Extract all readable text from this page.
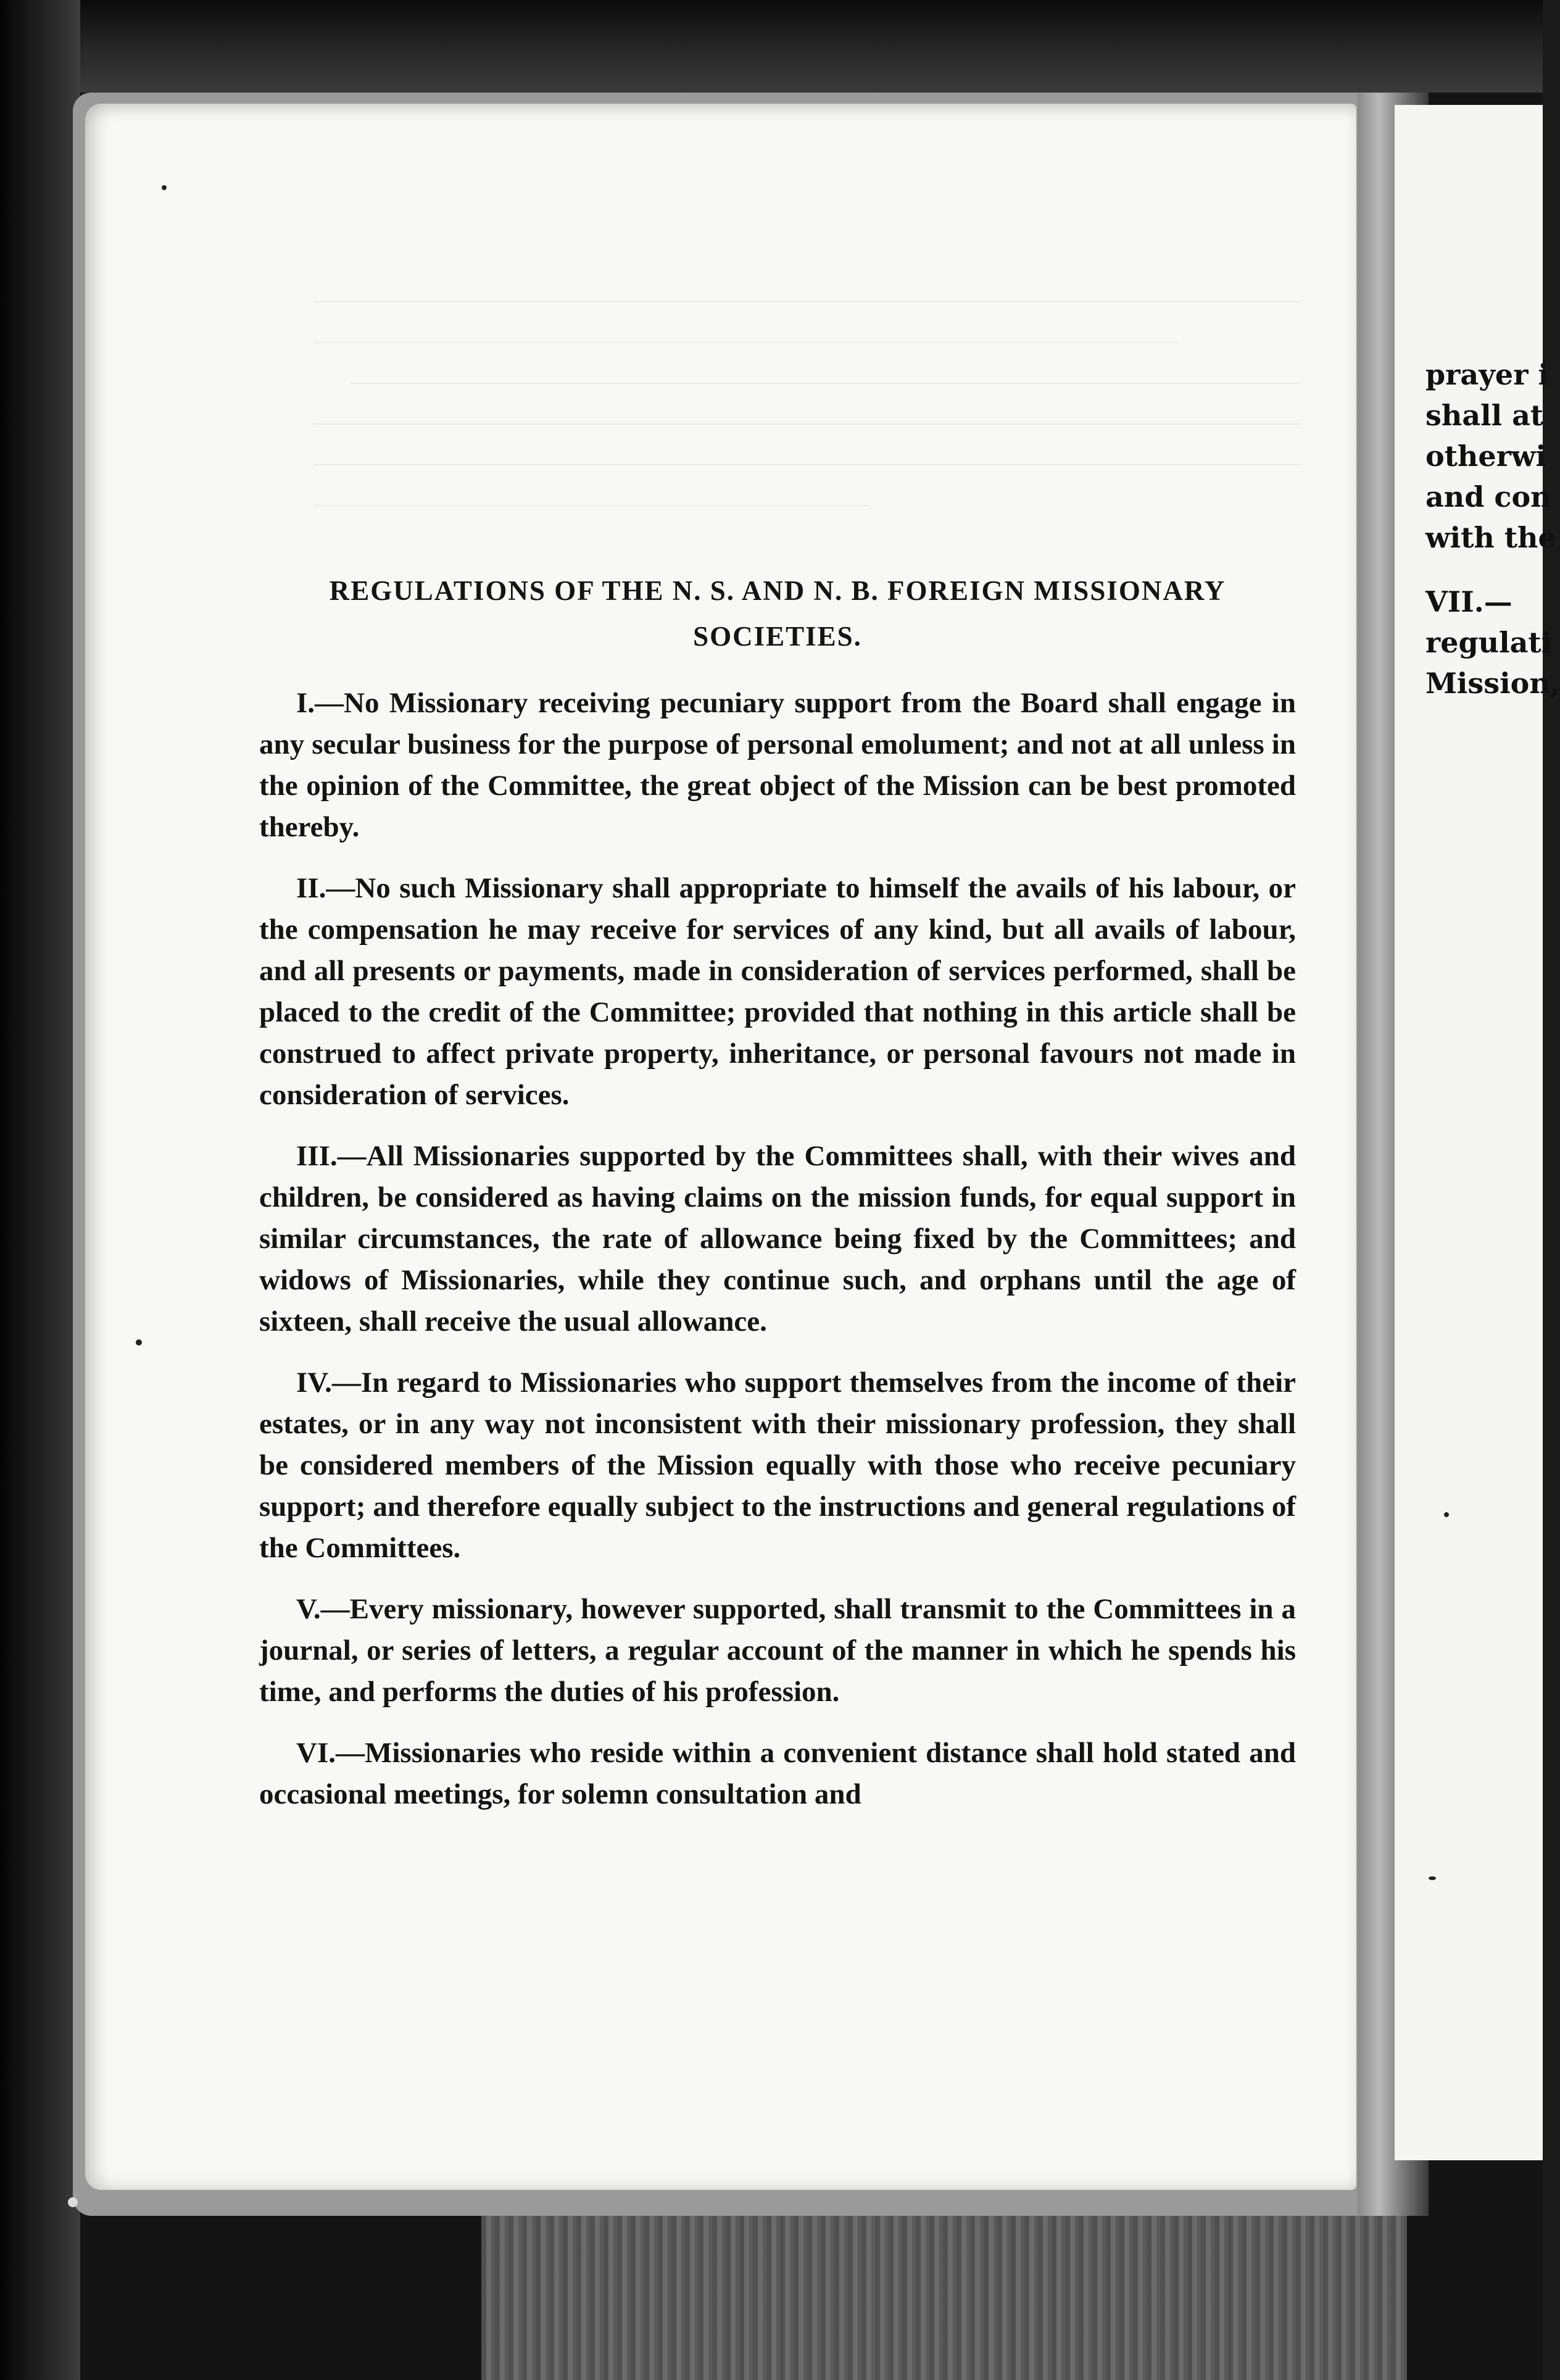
prayer i
shall at
otherwi
and con
with the
VII.—
regulati
Mission,
REGULATIONS OF THE N. S. AND N. B. FOREIGN MISSIONARY
SOCIETIES.

I.—No Missionary receiving pecuniary support from the Board shall engage in any secular business for the purpose of personal emolument; and not at all unless in the opinion of the Committee, the great object of the Mission can be best promoted thereby.

II.—No such Missionary shall appropriate to himself the avails of his labour, or the compensation he may receive for services of any kind, but all avails of labour, and all presents or payments, made in consideration of services performed, shall be placed to the credit of the Committee; provided that nothing in this article shall be construed to affect private property, inheritance, or personal favours not made in consideration of services.

III.—All Missionaries supported by the Committees shall, with their wives and children, be considered as having claims on the mission funds, for equal support in similar circumstances, the rate of allowance being fixed by the Committees; and widows of Missionaries, while they continue such, and orphans until the age of sixteen, shall receive the usual allowance.

IV.—In regard to Missionaries who support themselves from the income of their estates, or in any way not inconsistent with their missionary profession, they shall be considered members of the Mission equally with those who receive pecuniary support; and therefore equally subject to the instructions and general regulations of the Committees.

V.—Every missionary, however supported, shall transmit to the Committees in a journal, or series of letters, a regular account of the manner in which he spends his time, and performs the duties of his profession.

VI.—Missionaries who reside within a convenient distance shall hold stated and occasional meetings, for solemn consultation and
